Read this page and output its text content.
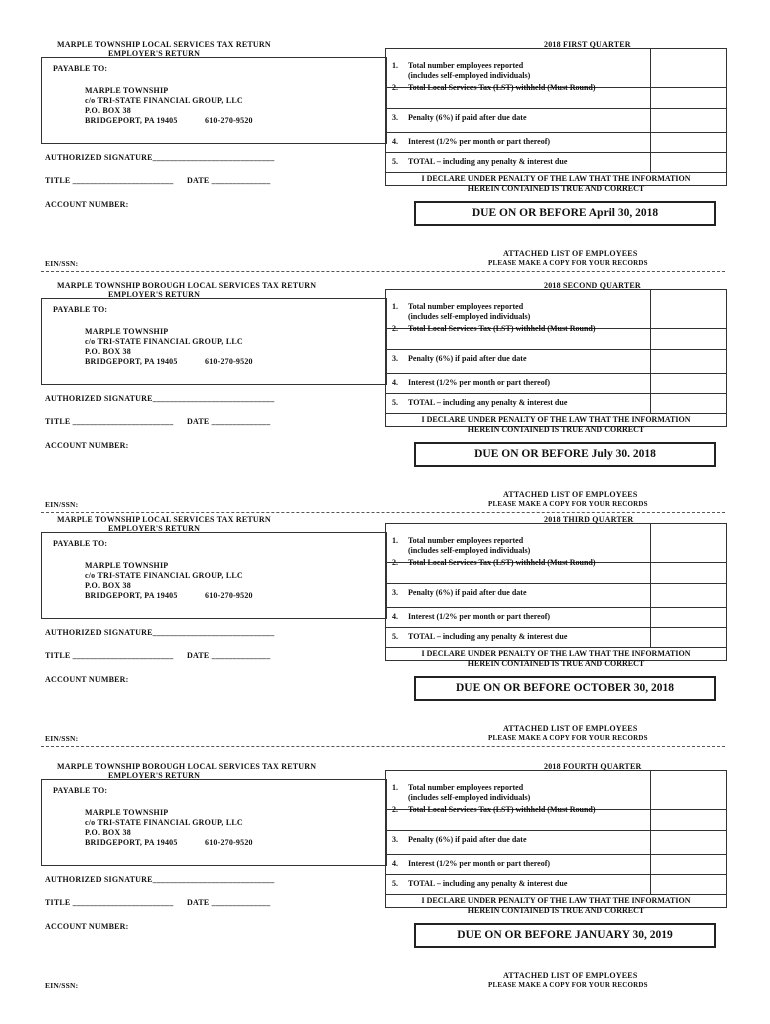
MARPLE TOWNSHIP LOCAL SERVICES TAX RETURN
EMPLOYER'S RETURN
2018 FIRST QUARTER
PAYABLE TO:
MARPLE TOWNSHIP
c/o TRI-STATE FINANCIAL GROUP, LLC
P.O. BOX 38
BRIDGEPORT, PA 19405	610-270-9520
AUTHORIZED SIGNATURE_____________________________
TITLE ________________________ DATE ______________
ACCOUNT NUMBER:
1. Total number employees reported
(includes self-employed individuals)
2. Total Local Services Tax (LST) withheld (Must Round)
3. Penalty (6%) if paid after due date
4. Interest (1/2% per month or part thereof)
5. TOTAL – including any penalty & interest due
I DECLARE UNDER PENALTY OF THE LAW THAT THE INFORMATION
HEREIN CONTAINED IS TRUE AND CORRECT
DUE ON OR BEFORE April 30, 2018
ATTACHED LIST OF EMPLOYEES
PLEASE MAKE A COPY FOR YOUR RECORDS
EIN/SSN:
MARPLE TOWNSHIP BOROUGH LOCAL SERVICES TAX RETURN
EMPLOYER'S RETURN
2018 SECOND QUARTER
PAYABLE TO:
MARPLE TOWNSHIP
c/o TRI-STATE FINANCIAL GROUP, LLC
P.O. BOX 38
BRIDGEPORT, PA 19405	610-270-9520
AUTHORIZED SIGNATURE_____________________________
TITLE ________________________ DATE ______________
ACCOUNT NUMBER:
1. Total number employees reported
(includes self-employed individuals)
2. Total Local Services Tax (LST) withheld (Must Round)
3. Penalty (6%) if paid after due date
4. Interest (1/2% per month or part thereof)
5. TOTAL – including any penalty & interest due
I DECLARE UNDER PENALTY OF THE LAW THAT THE INFORMATION
HEREIN CONTAINED IS TRUE AND CORRECT
DUE ON OR BEFORE July 30. 2018
ATTACHED LIST OF EMPLOYEES
PLEASE MAKE A COPY FOR YOUR RECORDS
EIN/SSN:
MARPLE TOWNSHIP LOCAL SERVICES TAX RETURN
EMPLOYER'S RETURN
2018 THIRD QUARTER
PAYABLE TO:
MARPLE TOWNSHIP
c/o TRI-STATE FINANCIAL GROUP, LLC
P.O. BOX 38
BRIDGEPORT, PA 19405	610-270-9520
AUTHORIZED SIGNATURE_____________________________
TITLE ________________________ DATE ______________
ACCOUNT NUMBER:
1. Total number employees reported
(includes self-employed individuals)
2. Total Local Services Tax (LST) withheld (Must Round)
3. Penalty (6%) if paid after due date
4. Interest (1/2% per month or part thereof)
5. TOTAL – including any penalty & interest due
I DECLARE UNDER PENALTY OF THE LAW THAT THE INFORMATION
HEREIN CONTAINED IS TRUE AND CORRECT
DUE ON OR BEFORE OCTOBER 30, 2018
ATTACHED LIST OF EMPLOYEES
PLEASE MAKE A COPY FOR YOUR RECORDS
EIN/SSN:
MARPLE TOWNSHIP BOROUGH LOCAL SERVICES TAX RETURN
EMPLOYER'S RETURN
2018 FOURTH QUARTER
PAYABLE TO:
MARPLE TOWNSHIP
c/o TRI-STATE FINANCIAL GROUP, LLC
P.O. BOX 38
BRIDGEPORT, PA 19405	610-270-9520
AUTHORIZED SIGNATURE_____________________________
TITLE ________________________ DATE ______________
ACCOUNT NUMBER:
1. Total number employees reported
(includes self-employed individuals)
2. Total Local Services Tax (LST) withheld (Must Round)
3. Penalty (6%) if paid after due date
4. Interest (1/2% per month or part thereof)
5. TOTAL – including any penalty & interest due
I DECLARE UNDER PENALTY OF THE LAW THAT THE INFORMATION
HEREIN CONTAINED IS TRUE AND CORRECT
DUE ON OR BEFORE JANUARY 30, 2019
ATTACHED LIST OF EMPLOYEES
PLEASE MAKE A COPY FOR YOUR RECORDS
EIN/SSN:
